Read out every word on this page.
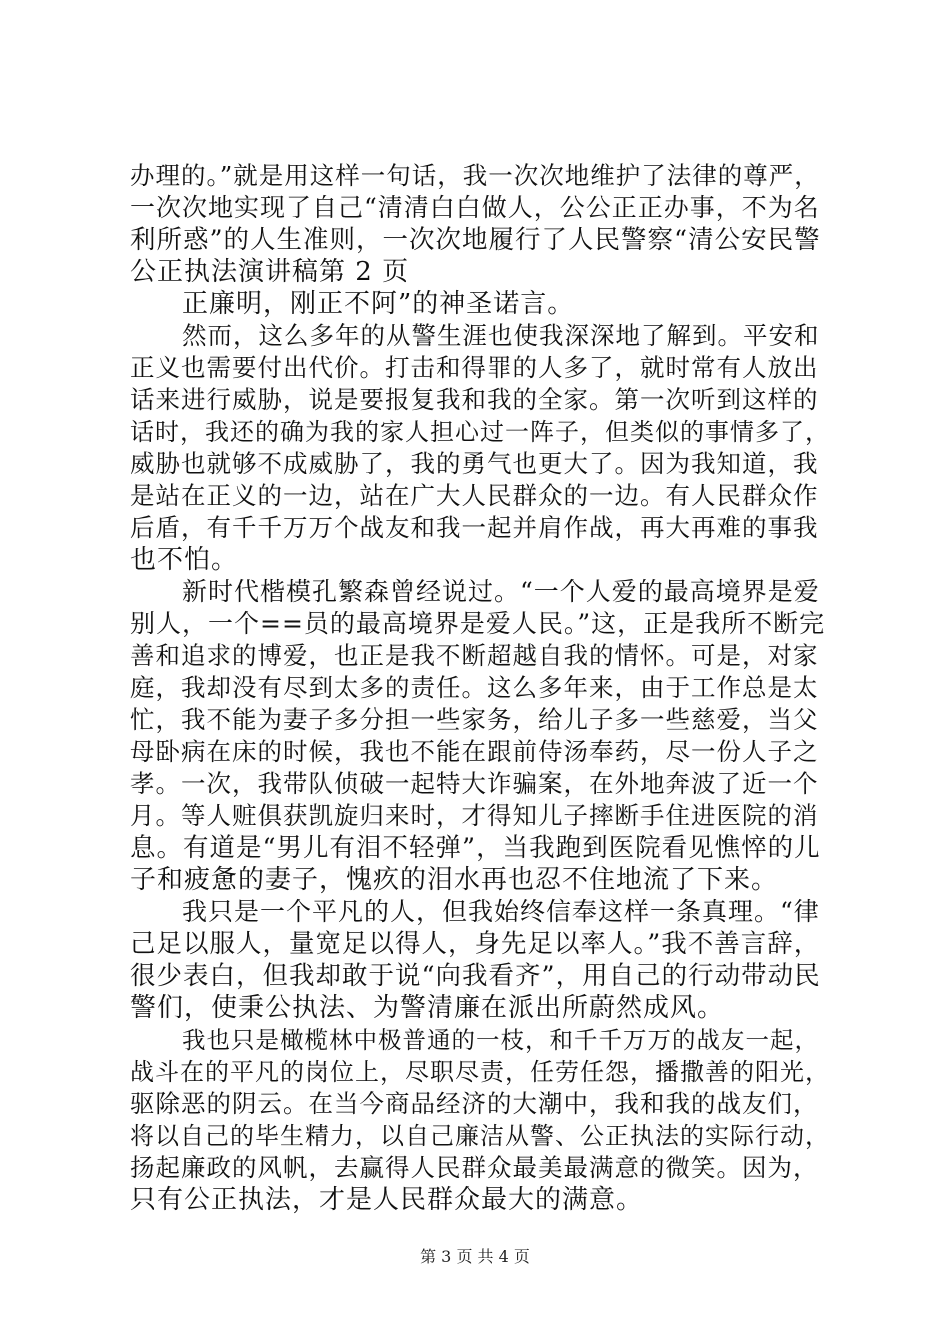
办理的。”就是用这样一句话，我一次次地维护了法律的尊严，
一次次地实现了自己“清清白白做人，公公正正办事，不为名
利所惑”的人生准则，一次次地履行了人民警察“清公安民警
公正执法演讲稿第 2 页
正廉明，刚正不阿”的神圣诺言。
然而，这么多年的从警生涯也使我深深地了解到。平安和
正义也需要付出代价。打击和得罪的人多了，就时常有人放出
话来进行威胁，说是要报复我和我的全家。第一次听到这样的
话时，我还的确为我的家人担心过一阵子，但类似的事情多了，
威胁也就够不成威胁了，我的勇气也更大了。因为我知道，我
是站在正义的一边，站在广大人民群众的一边。有人民群众作
后盾，有千千万万个战友和我一起并肩作战，再大再难的事我
也不怕。
新时代楷模孔繁森曾经说过。“一个人爱的最高境界是爱
别人，一个==员的最高境界是爱人民。”这，正是我所不断完
善和追求的博爱，也正是我不断超越自我的情怀。可是，对家
庭，我却没有尽到太多的责任。这么多年来，由于工作总是太
忙，我不能为妻子多分担一些家务，给儿子多一些慈爱，当父
母卧病在床的时候，我也不能在跟前侍汤奉药，尽一份人子之
孝。一次，我带队侦破一起特大诈骗案，在外地奔波了近一个
月。等人赃俱获凯旋归来时，才得知儿子摔断手住进医院的消
息。有道是“男儿有泪不轻弹”，当我跑到医院看见憔悴的儿
子和疲惫的妻子，愧疚的泪水再也忍不住地流了下来。
我只是一个平凡的人，但我始终信奉这样一条真理。“律
己足以服人，量宽足以得人，身先足以率人。”我不善言辞，
很少表白，但我却敢于说“向我看齐”，用自己的行动带动民
警们，使秉公执法、为警清廉在派出所蔚然成风。
我也只是橄榄林中极普通的一枝，和千千万万的战友一起，
战斗在的平凡的岗位上，尽职尽责，任劳任怨，播撒善的阳光，
驱除恶的阴云。在当今商品经济的大潮中，我和我的战友们，
将以自己的毕生精力，以自己廉洁从警、公正执法的实际行动，
扬起廉政的风帆，去赢得人民群众最美最满意的微笑。因为，
只有公正执法，才是人民群众最大的满意。
第 3 页 共 4 页
